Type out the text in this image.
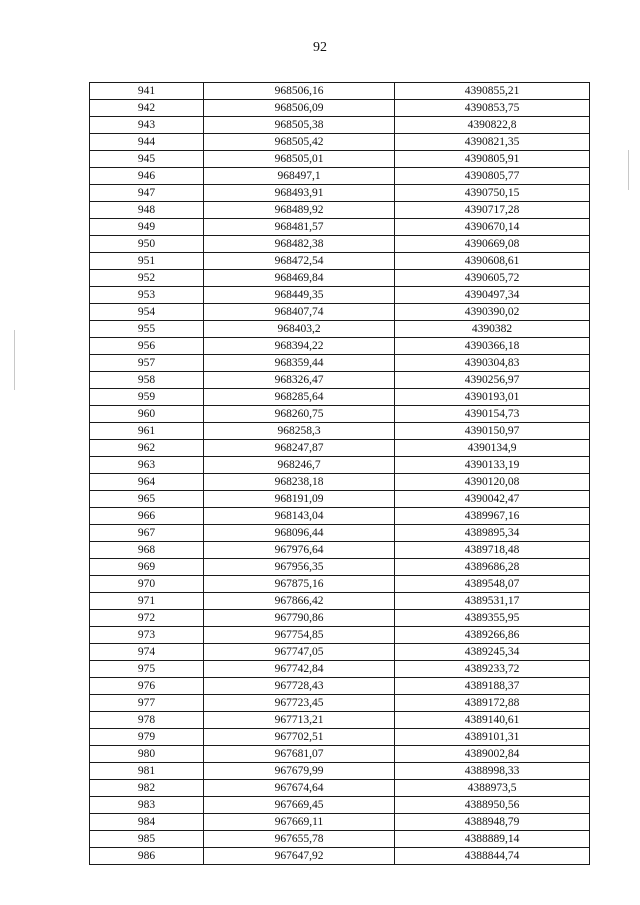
92
941	968506,16	4390855,21
942	968506,09	4390853,75
943	968505,38	4390822,8
944	968505,42	4390821,35
945	968505,01	4390805,91
946	968497,1	4390805,77
947	968493,91	4390750,15
948	968489,92	4390717,28
949	968481,57	4390670,14
950	968482,38	4390669,08
951	968472,54	4390608,61
952	968469,84	4390605,72
953	968449,35	4390497,34
954	968407,74	4390390,02
955	968403,2	4390382
956	968394,22	4390366,18
957	968359,44	4390304,83
958	968326,47	4390256,97
959	968285,64	4390193,01
960	968260,75	4390154,73
961	968258,3	4390150,97
962	968247,87	4390134,9
963	968246,7	4390133,19
964	968238,18	4390120,08
965	968191,09	4390042,47
966	968143,04	4389967,16
967	968096,44	4389895,34
968	967976,64	4389718,48
969	967956,35	4389686,28
970	967875,16	4389548,07
971	967866,42	4389531,17
972	967790,86	4389355,95
973	967754,85	4389266,86
974	967747,05	4389245,34
975	967742,84	4389233,72
976	967728,43	4389188,37
977	967723,45	4389172,88
978	967713,21	4389140,61
979	967702,51	4389101,31
980	967681,07	4389002,84
981	967679,99	4388998,33
982	967674,64	4388973,5
983	967669,45	4388950,56
984	967669,11	4388948,79
985	967655,78	4388889,14
986	967647,92	4388844,74
